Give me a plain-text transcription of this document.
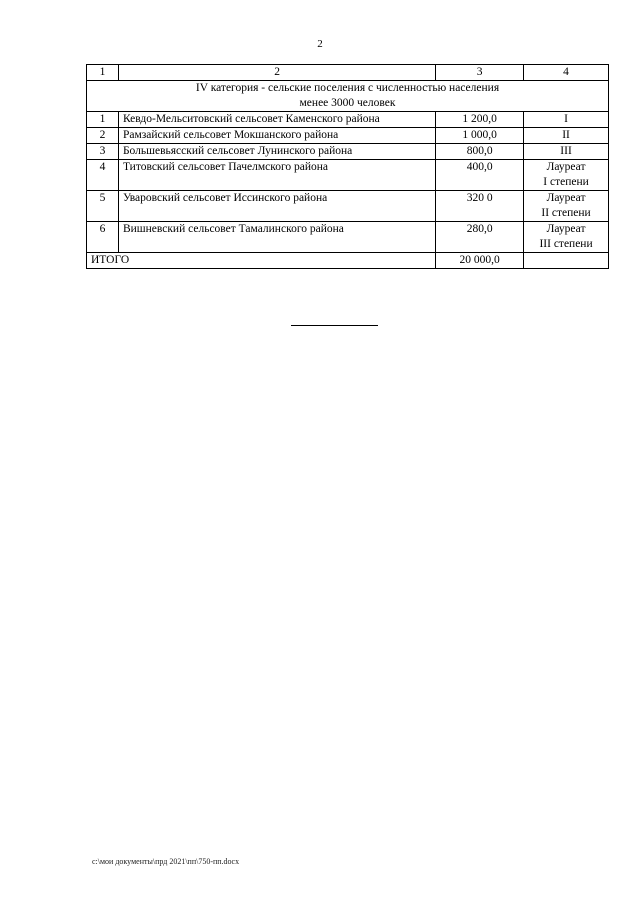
2
1	2	3	4

IV категория - сельские поселения с численностью населения
менее 3000 человек			

1	Кевдо-Мельситовский сельсовет Каменского района	1 200,0	I
2	Рамзайский сельсовет Мокшанского района	1 000,0	II
3	Большевьясский сельсовет Лунинского района	800,0	III
4	Титовский сельсовет Пачелмского района	400,0	Лауреат
I степени

5	Уваровский сельсовет Иссинского района	320 0	Лауреат
II степени

6	Вишневский сельсовет Тамалинского района	280,0	Лауреат
III степени

ИТОГО		20 000,0	
c:\мои документы\прд 2021\пп\750-пп.docx
